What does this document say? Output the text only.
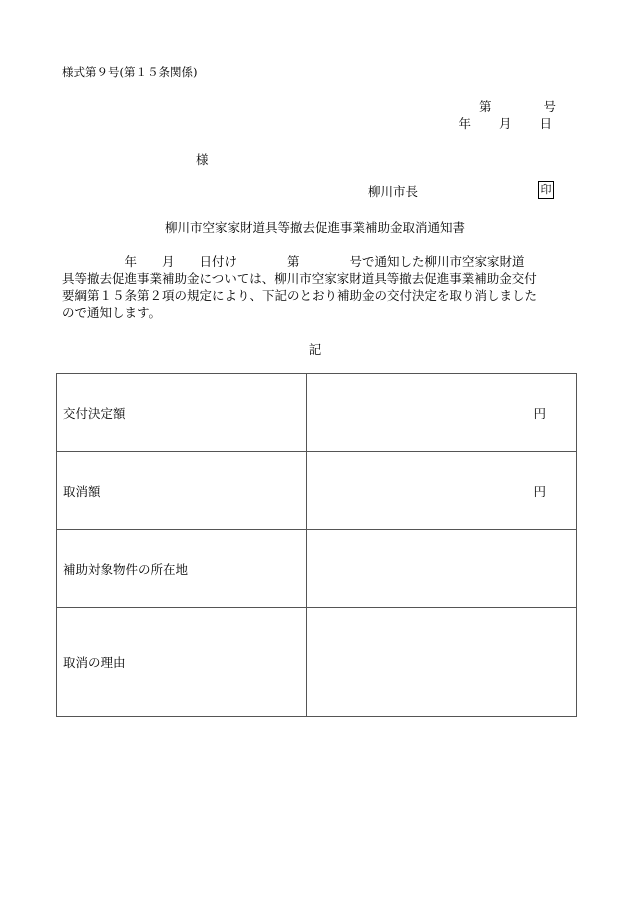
様式第９号(第１５条関係)
第	号
年 月 日
様
柳川市長	印
柳川市空家家財道具等撤去促進事業補助金取消通知書
　　　　　年　　月　　日付け　　　　第　　　　号で通知した柳川市空家家財道
具等撤去促進事業補助金については、柳川市空家家財道具等撤去促進事業補助金交付
要綱第１５条第２項の規定により、下記のとおり補助金の交付決定を取り消しました
ので通知します。
記
交付決定額	円
取消額	円
補助対象物件の所在地	
取消の理由	
